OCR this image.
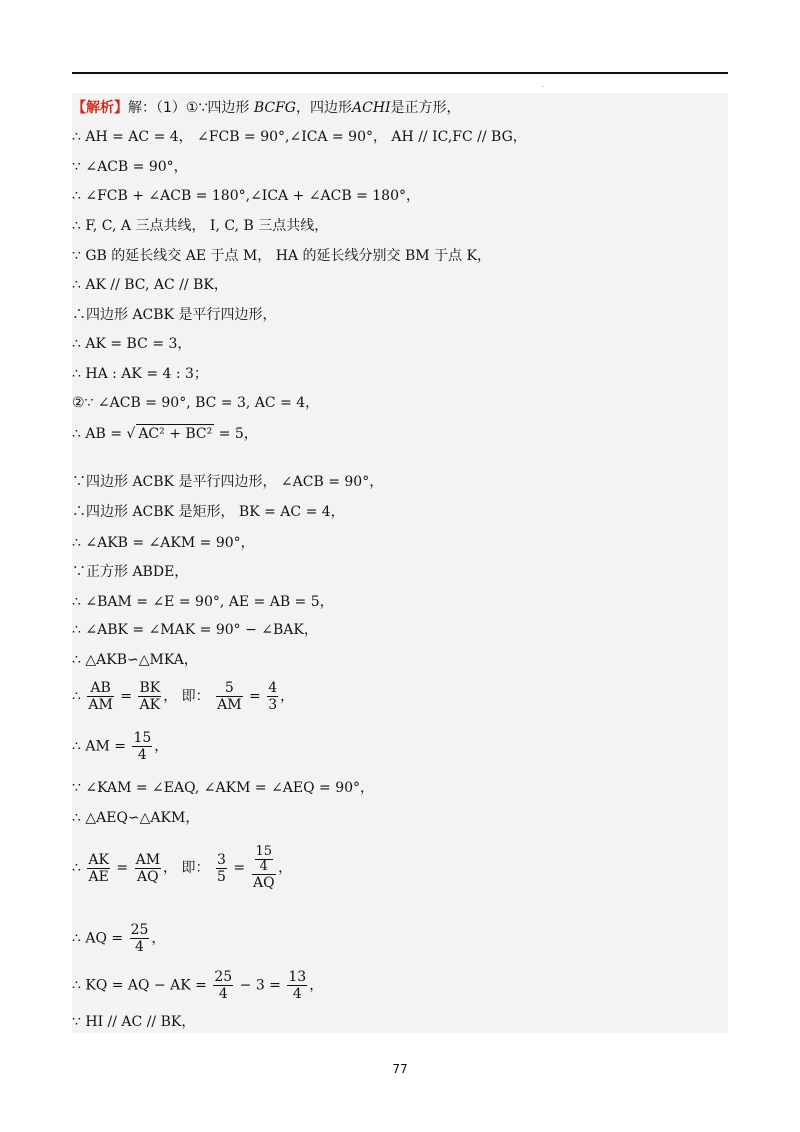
·
【解析】解：（1）①∵四边形 BCFG，四边形ACHI是正方形，
∴ AH = AC = 4， ∠FCB = 90°,∠ICA = 90°， AH // IC,FC // BG，
∵ ∠ACB = 90°，
∴ ∠FCB + ∠ACB = 180°,∠ICA + ∠ACB = 180°，
∴ F, C, A 三点共线， I, C, B 三点共线，
∵ GB 的延长线交 AE 于点 M， HA 的延长线分别交 BM 于点 K，
∴ AK // BC, AC // BK，
∴四边形 ACBK 是平行四边形，
∴ AK = BC = 3，
∴ HA : AK = 4 : 3；
②∵ ∠ACB = 90°, BC = 3, AC = 4，
∴ AB = √ AC² + BC² = 5，
∵四边形 ACBK 是平行四边形， ∠ACB = 90°，
∴四边形 ACBK 是矩形， BK = AC = 4，
∴ ∠AKB = ∠AKM = 90°，
∵正方形 ABDE，
∴ ∠BAM = ∠E = 90°, AE = AB = 5，
∴ ∠ABK = ∠MAK = 90° − ∠BAK，
∴ △AKB∽△MKA，
∴ $\frac{AB}{AM} = \frac{BK}{AK}$ ， 即： $\frac{5}{AM} = \frac{4}{3}$ ，
∴ AM = $\frac{15}{4}$ ，
∵ ∠KAM = ∠EAQ, ∠AKM = ∠AEQ = 90°，
∴ △AEQ∽△AKM，
∴ $\frac{AK}{AE} = \frac{AM}{AQ}$ ， 即： $\frac{3}{5} = \frac{\frac{15}{4}}{AQ}$ ，
∴ AQ = $\frac{25}{4}$ ，
∴ KQ = AQ − AK = $\frac{25}{4} - 3 = \frac{13}{4}$ ，
∵ HI // AC // BK，
77
